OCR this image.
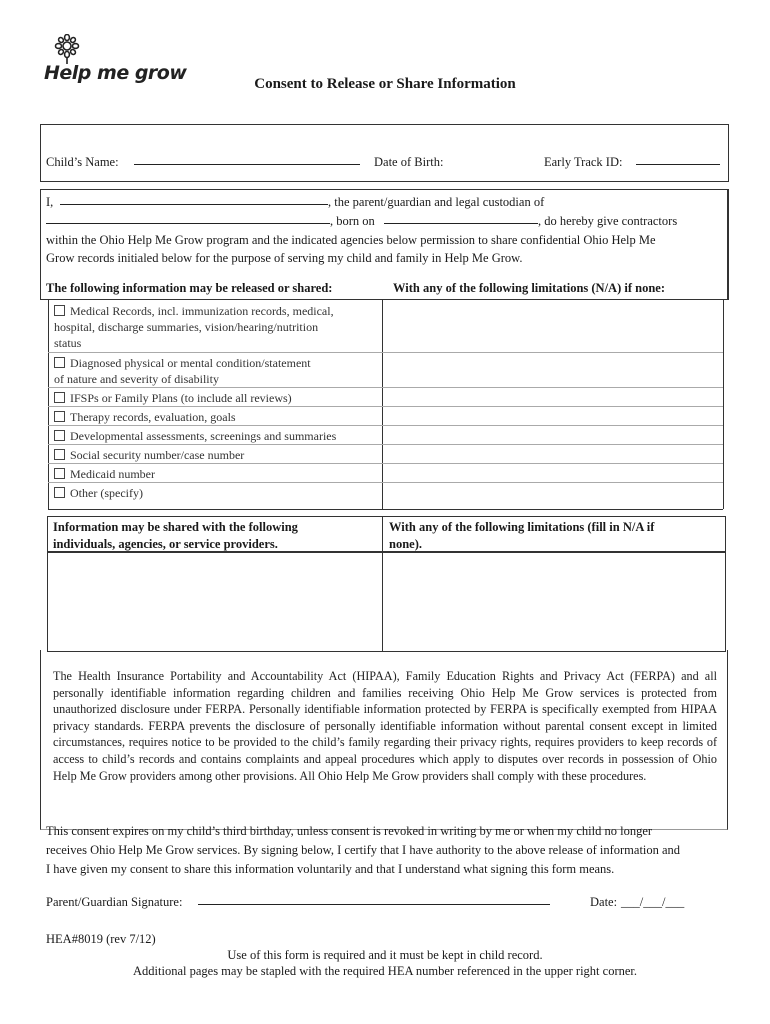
Help me grow	Consent to Release or Share Information
Child’s Name:	Date of Birth:	Early Track ID:
I,	, the parent/guardian and legal custodian of
, born on	, do hereby give contractors
within the Ohio Help Me Grow program and the indicated agencies below permission to share confidential Ohio Help Me
Grow records initialed below for the purpose of serving my child and family in Help Me Grow.
The following information may be released or shared:	With any of the following limitations (N/A) if none:
Medical Records, incl. immunization records, medical,
hospital, discharge summaries, vision/hearing/nutrition
status
Diagnosed physical or mental condition/statement
of nature and severity of disability
IFSPs or Family Plans (to include all reviews)
Therapy records, evaluation, goals
Developmental assessments, screenings and summaries
Social security number/case number
Medicaid number
Other (specify)
Information may be shared with the following
individuals, agencies, or service providers.
With any of the following limitations (fill in N/A if
none).
The Health Insurance Portability and Accountability Act (HIPAA), Family Education Rights and Privacy Act (FERPA) and all personally identifiable information regarding children and families receiving Ohio Help Me Grow services is protected from unauthorized disclosure under FERPA. Personally identifiable information protected by FERPA is specifically exempted from HIPAA privacy standards. FERPA prevents the disclosure of personally identifiable information without parental consent except in limited circumstances, requires notice to be provided to the child’s family regarding their privacy rights, requires providers to keep records of access to child’s records and contains complaints and appeal procedures which apply to disputes over records in possession of Ohio Help Me Grow providers among other provisions. All Ohio Help Me Grow providers shall comply with these procedures.
This consent expires on my child’s third birthday, unless consent is revoked in writing by me or when my child no longer
receives Ohio Help Me Grow services. By signing below, I certify that I have authority to the above release of information and
I have given my consent to share this information voluntarily and that I understand what signing this form means.
Parent/Guardian Signature:	Date: ___/___/___
HEA#8019 (rev 7/12)
Use of this form is required and it must be kept in child record.
Additional pages may be stapled with the required HEA number referenced in the upper right corner.
